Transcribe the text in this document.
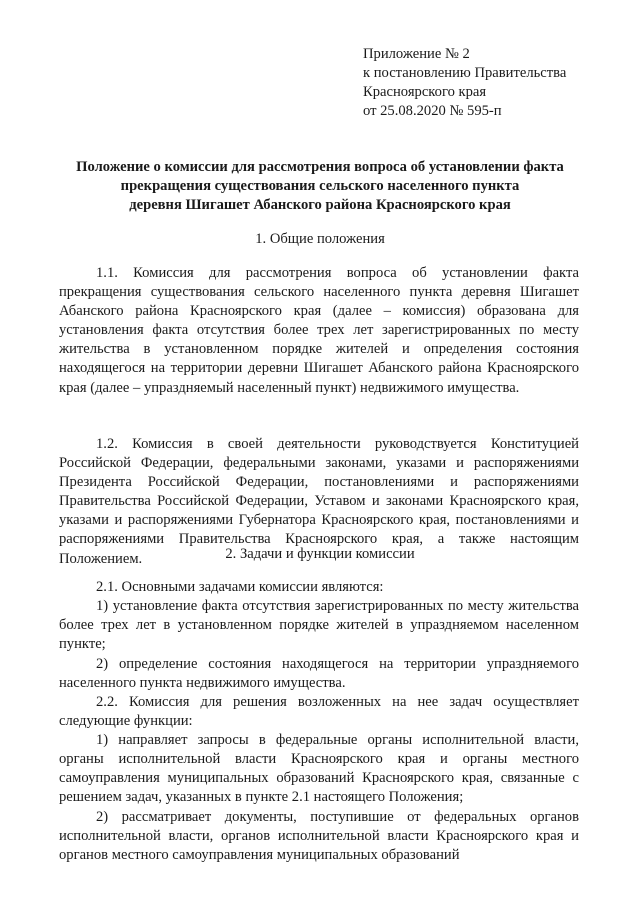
Приложение № 2
к постановлению Правительства
Красноярского края
от 25.08.2020 № 595-п
Положение о комиссии для рассмотрения вопроса об установлении факта
прекращения существования сельского населенного пункта
деревня Шигашет Абанского района Красноярского края
1. Общие положения

1.1. Комиссия для рассмотрения вопроса об установлении факта прекращения существования сельского населенного пункта деревня Шигашет Абанского района Красноярского края (далее – комиссия) образована для установления факта отсутствия более трех лет зарегистрированных по месту жительства в установленном порядке жителей и определения состояния находящегося на территории деревни Шигашет Абанского района Красноярского края (далее – упраздняемый населенный пункт) недвижимого имущества.

1.2. Комиссия в своей деятельности руководствуется Конституцией Российской Федерации, федеральными законами, указами и распоряжениями Президента Российской Федерации, постановлениями и распоряжениями Правительства Российской Федерации, Уставом и законами Красноярского края, указами и распоряжениями Губернатора Красноярского края, постановлениями и распоряжениями Правительства Красноярского края, а также настоящим Положением.	2. Задачи и функции комиссии

2.1. Основными задачами комиссии являются:

1) установление факта отсутствия зарегистрированных по месту жительства более трех лет в установленном порядке жителей в упраздняемом населенном пункте;

2) определение состояния находящегося на территории упраздняемого населенного пункта недвижимого имущества.

2.2. Комиссия для решения возложенных на нее задач осуществляет следующие функции:

1) направляет запросы в федеральные органы исполнительной власти, органы исполнительной власти Красноярского края и органы местного самоуправления муниципальных образований Красноярского края, связанные с решением задач, указанных в пункте 2.1 настоящего Положения;

2) рассматривает документы, поступившие от федеральных органов исполнительной власти, органов исполнительной власти Красноярского края и органов местного самоуправления муниципальных образований
